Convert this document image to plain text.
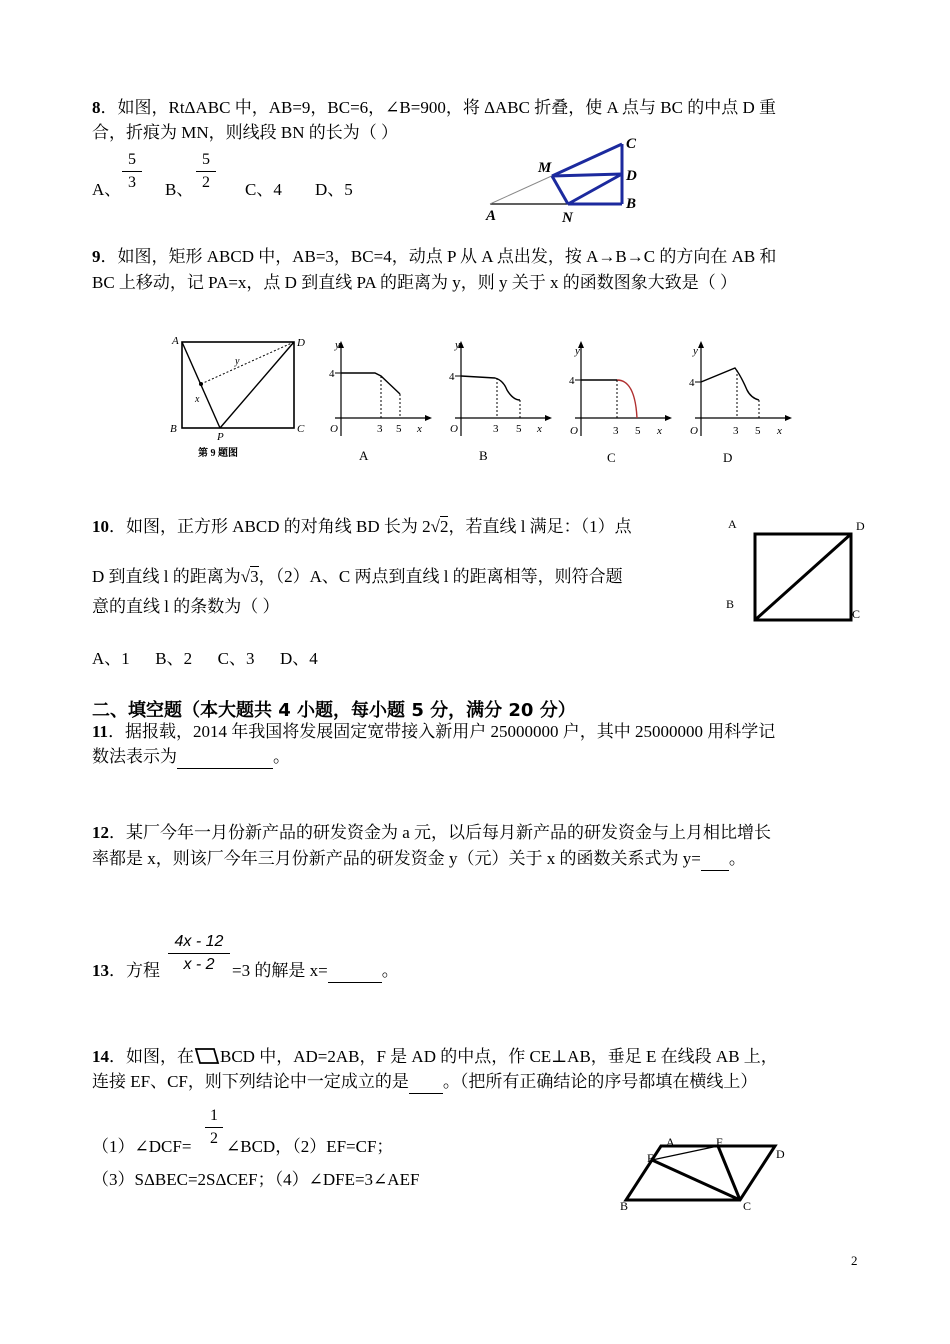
8．如图，RtΔABC 中，AB=9，BC=6，∠B=900，将 ΔABC 折叠，使 A 点与 BC 的中点 D 重
合，折痕为 MN，则线段 BN 的长为（ ）
A、
5
3	B、
5
2	C、4 D、5
C
M	D
B
A	N
9．如图，矩形 ABCD 中，AB=3，BC=4，动点 P 从 A 点出发，按 A→B→C 的方向在 AB 和
BC 上移动，记 PA=x，点 D 到直线 PA 的距离为 y，则 y 关于 x 的函数图象大致是（ ）
A	D
B	C
P
x
y
第 9 题图
y
4
O	3 5 x
A
y
4
O	3 5 x
B
y
4
O	3 5 x
C
y
4
O	3 5 x
D
10．如图，正方形 ABCD 的对角线 BD 长为 2√2，若直线 l 满足：（1）点
D 到直线 l 的距离为√3，（2）A、C 两点到直线 l 的距离相等，则符合题
意的直线 l 的条数为（ ）
A、1      B、2      C、3      D、4
A	D
B
C
二、填空题（本大题共 4 小题，每小题 5 分，满分 20 分）
11．据报载，2014 年我国将发展固定宽带接入新用户 25000000 户，其中 25000000 用科学记
数法表示为	。
12．某厂今年一月份新产品的研发资金为 a 元，以后每月新产品的研发资金与上月相比增长
率都是 x，则该厂今年三月份新产品的研发资金 y（元）关于 x 的函数关系式为 y= 。
4x - 12
x - 2
13．方程	=3 的解是 x=	。
14．如图，在 BCD 中，AD=2AB，F 是 AD 的中点，作 CE⊥AB，垂足 E 在线段 AB 上，
连接 EF、CF，则下列结论中一定成立的是 。（把所有正确结论的序号都填在横线上）
1
2
（1）∠DCF= ∠BCD，（2）EF=CF；
（3）SΔBEC=2SΔCEF；（4）∠DFE=3∠AEF
A	F
D
E
B	C
2
